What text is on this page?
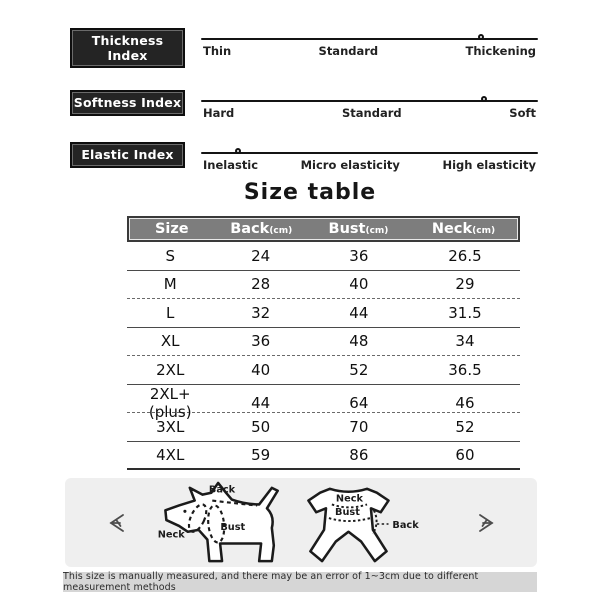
Thickness Index	Thin	Standard	Thickening
Softness Index
Hard	Standard	Soft
Elastic Index
Inelastic	Micro elasticity	High elasticity
Size table
Size	Back(cm)	Bust(cm)	Neck(cm)
S	24	36	26.5
M	28	40	29
L	32	44	31.5
XL	36	48	34
2XL	40	52	36.5
2XL+ (plus)	44	64	46
3XL	50	70	52
4XL	59	86	60
Back
Neck
Bust
Neck
Bust
Back
This size is manually measured, and there may be an error of 1~3cm due to different measurement methods
